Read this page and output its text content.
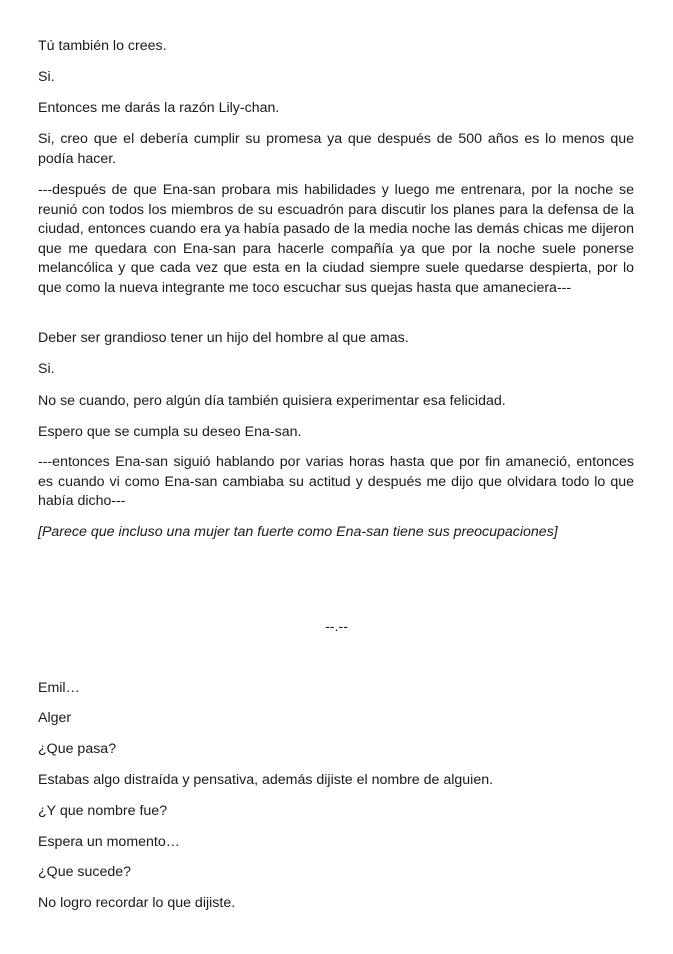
Tú también lo crees.

Si.

Entonces me darás la razón Lily-chan.

Si, creo que el debería cumplir su promesa ya que después de 500 años es lo menos que podía hacer.

---después de que Ena-san probara mis habilidades y luego me entrenara, por la noche se reunió con todos los miembros de su escuadrón para discutir los planes para la defensa de la ciudad, entonces cuando era ya había pasado de la media noche las demás chicas me dijeron que me quedara con Ena-san para hacerle compañía ya que por la noche suele ponerse melancólica y que cada vez que esta en la ciudad siempre suele quedarse despierta, por lo que como la nueva integrante me toco escuchar sus quejas hasta que amaneciera---

Deber ser grandioso tener un hijo del hombre al que amas.

Si.

No se cuando, pero algún día también quisiera experimentar esa felicidad.

Espero que se cumpla su deseo Ena-san.

---entonces Ena-san siguió hablando por varias horas hasta que por fin amaneció, entonces es cuando vi como Ena-san cambiaba su actitud y después me dijo que olvidara todo lo que había dicho---

[Parece que incluso una mujer tan fuerte como Ena-san tiene sus preocupaciones]

--.--

Emil…

Alger

¿Que pasa?

Estabas algo distraída y pensativa, además dijiste el nombre de alguien.

¿Y que nombre fue?

Espera un momento…

¿Que sucede?

No logro recordar lo que dijiste.
